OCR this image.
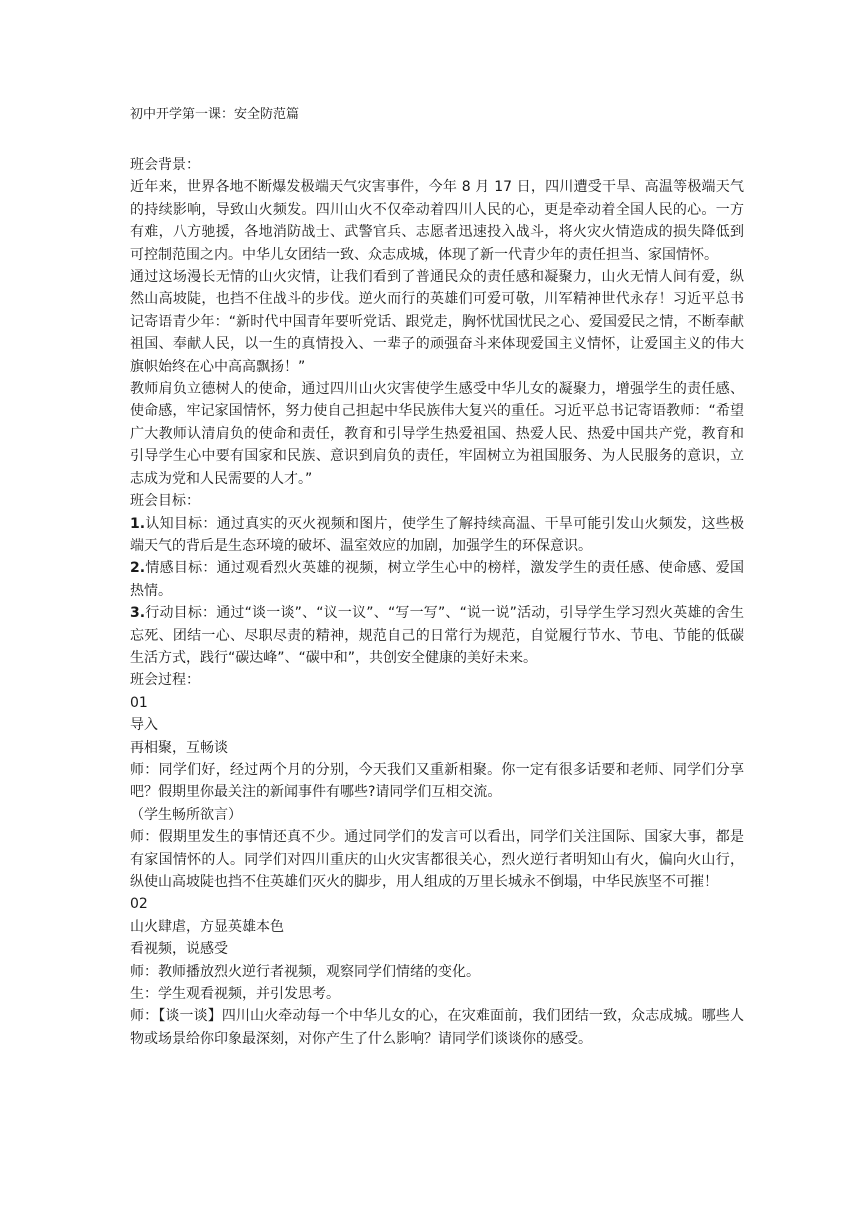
初中开学第一课：安全防范篇

班会背景：

近年来，世界各地不断爆发极端天气灾害事件，今年 8 月 17 日，四川遭受干旱、高温等极端天气的持续影响，导致山火频发。四川山火不仅牵动着四川人民的心，更是牵动着全国人民的心。一方有难，八方驰援，各地消防战士、武警官兵、志愿者迅速投入战斗，将火灾火情造成的损失降低到可控制范围之内。中华儿女团结一致、众志成城，体现了新一代青少年的责任担当、家国情怀。

通过这场漫长无情的山火灾情，让我们看到了普通民众的责任感和凝聚力，山火无情人间有爱，纵然山高坡陡，也挡不住战斗的步伐。逆火而行的英雄们可爱可敬，川军精神世代永存！习近平总书记寄语青少年：“新时代中国青年要听党话、跟党走，胸怀忧国忧民之心、爱国爱民之情，不断奉献祖国、奉献人民，以一生的真情投入、一辈子的顽强奋斗来体现爱国主义情怀，让爱国主义的伟大旗帜始终在心中高高飘扬！”

教师肩负立德树人的使命，通过四川山火灾害使学生感受中华儿女的凝聚力，增强学生的责任感、使命感，牢记家国情怀，努力使自己担起中华民族伟大复兴的重任。习近平总书记寄语教师：“希望广大教师认清肩负的使命和责任，教育和引导学生热爱祖国、热爱人民、热爱中国共产党，教育和引导学生心中要有国家和民族、意识到肩负的责任，牢固树立为祖国服务、为人民服务的意识，立志成为党和人民需要的人才。”

班会目标：

1.认知目标：通过真实的灭火视频和图片，使学生了解持续高温、干旱可能引发山火频发，这些极端天气的背后是生态环境的破坏、温室效应的加剧，加强学生的环保意识。

2.情感目标：通过观看烈火英雄的视频，树立学生心中的榜样，激发学生的责任感、使命感、爱国热情。

3.行动目标：通过“谈一谈”、“议一议”、“写一写”、“说一说”活动，引导学生学习烈火英雄的舍生忘死、团结一心、尽职尽责的精神，规范自己的日常行为规范，自觉履行节水、节电、节能的低碳生活方式，践行“碳达峰”、“碳中和”，共创安全健康的美好未来。

班会过程：

01

导入

再相聚，互畅谈

师：同学们好，经过两个月的分别，今天我们又重新相聚。你一定有很多话要和老师、同学们分享吧？假期里你最关注的新闻事件有哪些?请同学们互相交流。

（学生畅所欲言）

师：假期里发生的事情还真不少。通过同学们的发言可以看出，同学们关注国际、国家大事，都是有家国情怀的人。同学们对四川重庆的山火灾害都很关心，烈火逆行者明知山有火，偏向火山行，纵使山高坡陡也挡不住英雄们灭火的脚步，用人组成的万里长城永不倒塌，中华民族坚不可摧！

02

山火肆虐，方显英雄本色

看视频，说感受

师：教师播放烈火逆行者视频，观察同学们情绪的变化。

生：学生观看视频，并引发思考。

师：【谈一谈】四川山火牵动每一个中华儿女的心，在灾难面前，我们团结一致，众志成城。哪些人物或场景给你印象最深刻，对你产生了什么影响？请同学们谈谈你的感受。
